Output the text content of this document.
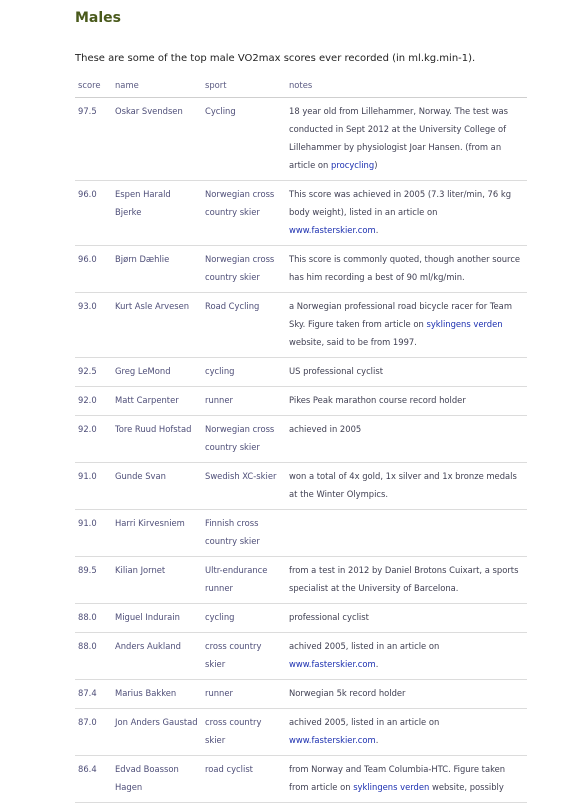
Males

These are some of the top male VO2max scores ever recorded (in ml.kg.min-1).

score	name	sport	notes
97.5	Oskar Svendsen	Cycling	18 year old from Lillehammer, Norway. The test was conducted in Sept 2012 at the University College of Lillehammer by physiologist Joar Hansen. (from an article on procycling)
96.0	Espen Harald Bjerke	Norwegian cross country skier	This score was achieved in 2005 (7.3 liter/min, 76 kg body weight), listed in an article on www.fasterskier.com.
96.0	Bjørn Dæhlie	Norwegian cross country skier	This score is commonly quoted, though another source has him recording a best of 90 ml/kg/min.
93.0	Kurt Asle Arvesen	Road Cycling	a Norwegian professional road bicycle racer for Team Sky. Figure taken from article on syklingens verden website, said to be from 1997.
92.5	Greg LeMond	cycling	US professional cyclist
92.0	Matt Carpenter	runner	Pikes Peak marathon course record holder
92.0	Tore Ruud Hofstad	Norwegian cross country skier	achieved in 2005
91.0	Gunde Svan	Swedish XC-skier	won a total of 4x gold, 1x silver and 1x bronze medals at the Winter Olympics.
91.0	Harri Kirvesniem	Finnish cross country skier	
89.5	Kilian Jornet	Ultr-endurance runner	from a test in 2012 by Daniel Brotons Cuixart, a sports specialist at the University of Barcelona.
88.0	Miguel Indurain	cycling	professional cyclist
88.0	Anders Aukland	cross country skier	achived 2005, listed in an article on www.fasterskier.com.
87.4	Marius Bakken	runner	Norwegian 5k record holder
87.0	Jon Anders Gaustad	cross country skier	achived 2005, listed in an article on www.fasterskier.com.
86.4	Edvad Boasson Hagen	road cyclist	from Norway and Team Columbia-HTC. Figure taken from article on syklingens verden website, possibly
